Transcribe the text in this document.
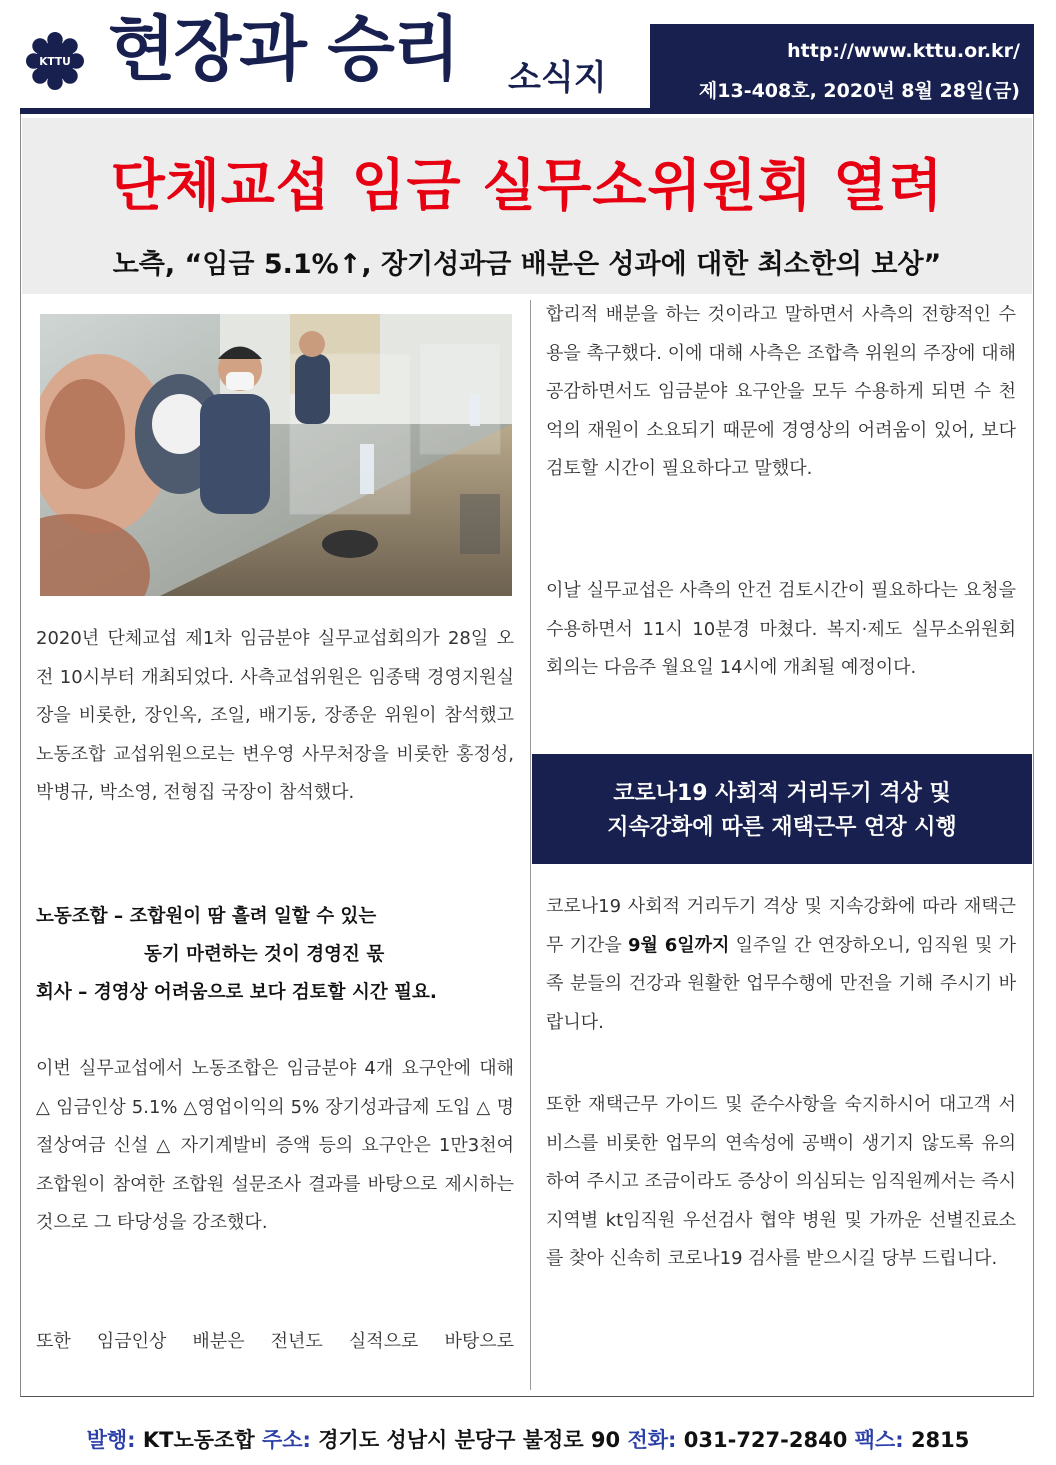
KTTU 현장과 승리 소식지
http://www.kttu.or.kr/
제13-408호, 2020년 8월 28일(금)
단체교섭 임금 실무소위원회 열려
노측, “임금 5.1%↑, 장기성과금 배분은 성과에 대한 최소한의 보상”
2020년 단체교섭 제1차 임금분야 실무교섭회의가 28일 오전 10시부터 개최되었다. 사측교섭위원은 임종택 경영지원실장을 비롯한, 장인옥, 조일, 배기동, 장종운 위원이 참석했고 노동조합 교섭위원으로는 변우영 사무처장을 비롯한 홍정성, 박병규, 박소영, 전형집 국장이 참석했다.
노동조합 – 조합원이 땀 흘려 일할 수 있는
동기 마련하는 것이 경영진 몫
회사 – 경영상 어려움으로 보다 검토할 시간 필요.
이번 실무교섭에서 노동조합은 임금분야 4개 요구안에 대해 △ 임금인상 5.1% △영업이익의 5% 장기성과급제 도입 △ 명절상여금 신설 △ 자기계발비 증액 등의 요구안은 1만3천여 조합원이 참여한 조합원 설문조사 결과를 바탕으로 제시하는 것으로 그 타당성을 강조했다.
또한 임금인상 배분은 전년도 실적으로 바탕으로
합리적 배분을 하는 것이라고 말하면서 사측의 전향적인 수용을 촉구했다. 이에 대해 사측은 조합측 위원의 주장에 대해 공감하면서도 임금분야 요구안을 모두 수용하게 되면 수 천억의 재원이 소요되기 때문에 경영상의 어려움이 있어, 보다 검토할 시간이 필요하다고 말했다.
이날 실무교섭은 사측의 안건 검토시간이 필요하다는 요청을 수용하면서 11시 10분경 마쳤다. 복지·제도 실무소위원회 회의는 다음주 월요일 14시에 개최될 예정이다.
코로나19 사회적 거리두기 격상 및
지속강화에 따른 재택근무 연장 시행
코로나19 사회적 거리두기 격상 및 지속강화에 따라 재택근무 기간을 9월 6일까지 일주일 간 연장하오니, 임직원 및 가족 분들의 건강과 원활한 업무수행에 만전을 기해 주시기 바랍니다.
또한 재택근무 가이드 및 준수사항을 숙지하시어 대고객 서비스를 비롯한 업무의 연속성에 공백이 생기지 않도록 유의하여 주시고 조금이라도 증상이 의심되는 임직원께서는 즉시 지역별 kt임직원 우선검사 협약 병원 및 가까운 선별진료소를 찾아 신속히 코로나19 검사를 받으시길 당부 드립니다.
발행: KT노동조합 주소: 경기도 성남시 분당구 불정로 90 전화: 031-727-2840 팩스: 2815
